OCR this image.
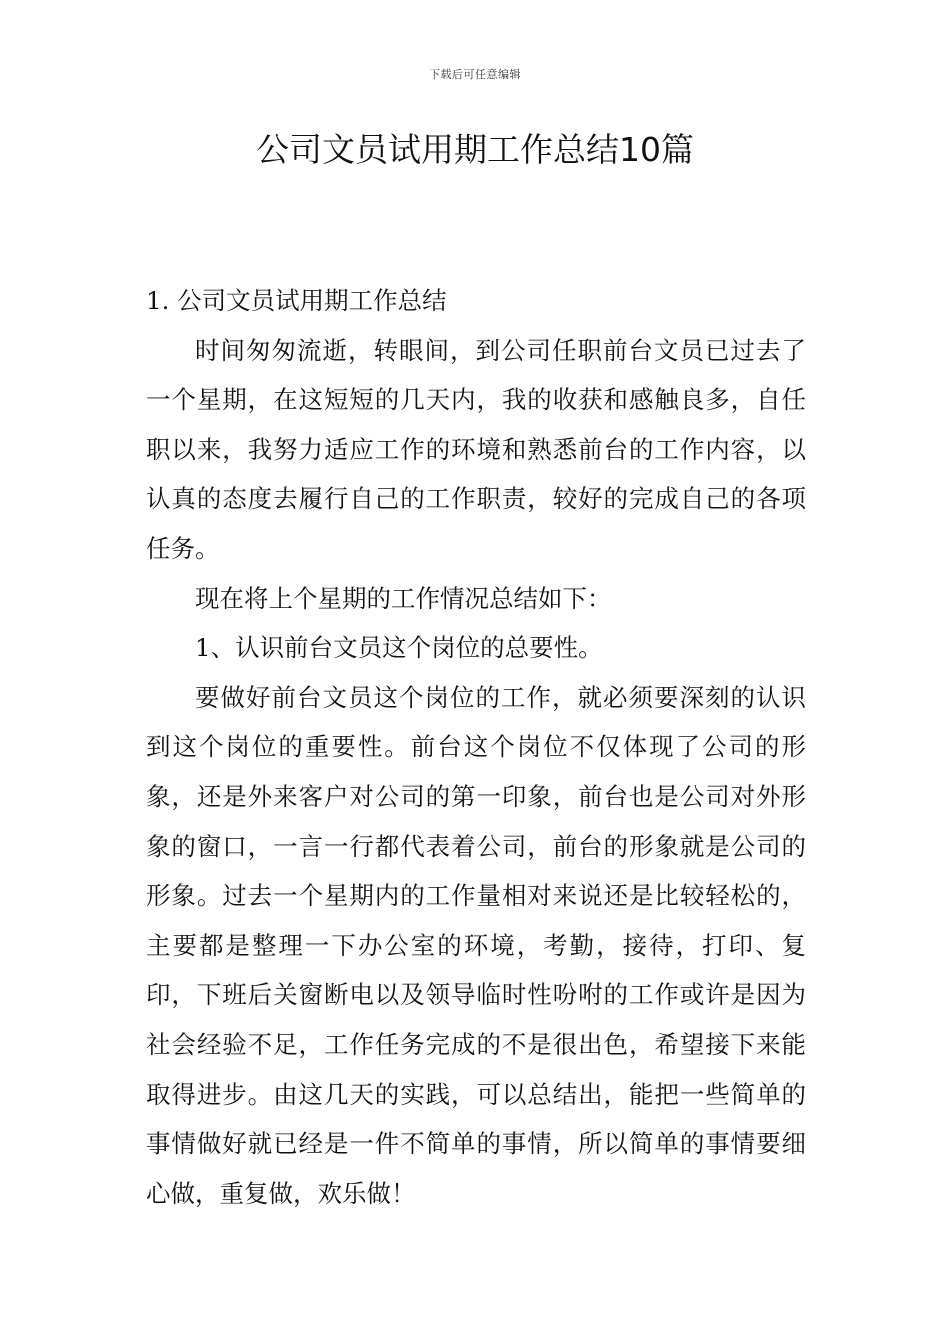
下载后可任意编辑
公司文员试用期工作总结10篇

1. 公司文员试用期工作总结

时间匆匆流逝，转眼间，到公司任职前台文员已过去了一个星期，在这短短的几天内，我的收获和感触良多，自任职以来，我努力适应工作的环境和熟悉前台的工作内容，以认真的态度去履行自己的工作职责，较好的完成自己的各项任务。

现在将上个星期的工作情况总结如下：

1、认识前台文员这个岗位的总要性。

要做好前台文员这个岗位的工作，就必须要深刻的认识到这个岗位的重要性。前台这个岗位不仅体现了公司的形象，还是外来客户对公司的第一印象，前台也是公司对外形象的窗口，一言一行都代表着公司，前台的形象就是公司的形象。过去一个星期内的工作量相对来说还是比较轻松的，主要都是整理一下办公室的环境，考勤，接待，打印、复印，下班后关窗断电以及领导临时性吩咐的工作或许是因为社会经验不足，工作任务完成的不是很出色，希望接下来能取得进步。由这几天的实践，可以总结出，能把一些简单的事情做好就已经是一件不简单的事情，所以简单的事情要细心做，重复做，欢乐做！
